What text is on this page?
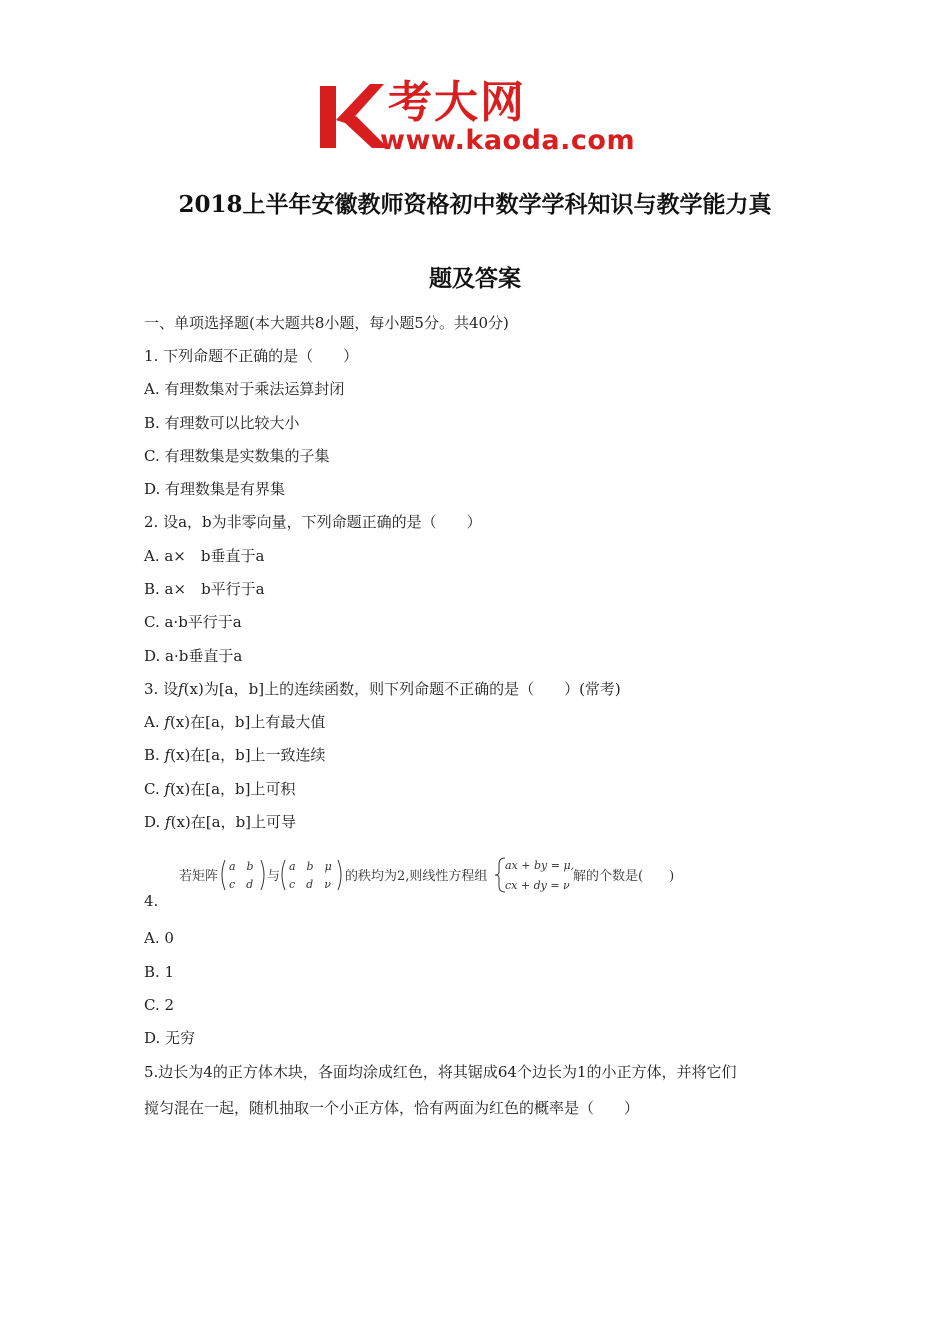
考大网
www.kaoda.com
2018上半年安徽教师资格初中数学学科知识与教学能力真
题及答案
一、单项选择题(本大题共8小题，每小题5分。共40分)
1. 下列命题不正确的是（　　）
A. 有理数集对于乘法运算封闭
B. 有理数可以比较大小
C. 有理数集是实数集的子集
D. 有理数集是有界集
2. 设a，b为非零向量，下列命题正确的是（　　）
A. a×　b垂直于a
B. a×　b平行于a
C. a·b平行于a
D. a·b垂直于a
3. 设f(x)为[a，b]上的连续函数，则下列命题不正确的是（　　）(常考)
A. f(x)在[a，b]上有最大值
B. f(x)在[a，b]上一致连续
C. f(x)在[a，b]上可积
D. f(x)在[a，b]上可导
若矩阵
a　b
c　d
与
a　b　μ
c　d　ν
的秩均为2,则线性方程组
ax + by = μ,
cx + dy = ν
解的个数是(　　)
4.
A. 0
B. 1
C. 2
D. 无穷
5.边长为4的正方体木块，各面均涂成红色，将其锯成64个边长为1的小正方体，并将它们
搅匀混在一起，随机抽取一个小正方体，恰有两面为红色的概率是（　　）
